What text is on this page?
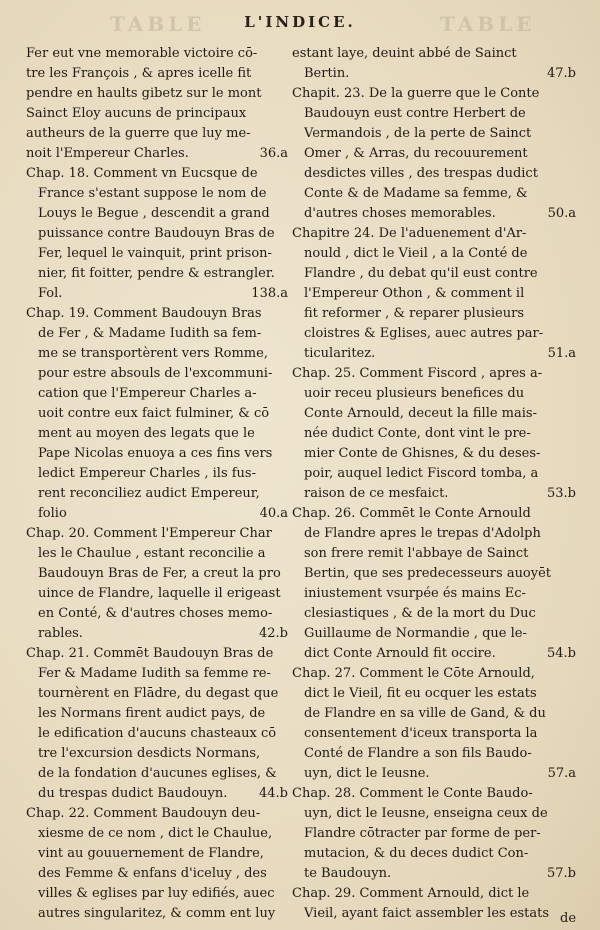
TABLE	TABLE
L'INDICE.
Fer eut vne memorable victoire cō-
tre les François , & apres icelle fit
pendre en haults gibetz sur le mont
Sainct Eloy aucuns de principaux
autheurs de la guerre que luy me-
noit l'Empereur Charles.	36.a
Chap. 18. Comment vn Eucsque de
France s'estant suppose le nom de
Louys le Begue , descendit a grand
puissance contre Baudouyn Bras de
Fer, lequel le vainquit, print prison-
nier, fit foitter, pendre & estrangler.
Fol.	138.a
Chap. 19. Comment Baudouyn Bras
de Fer , & Madame Iudith sa fem-
me se transportèrent vers Romme,
pour estre absouls de l'excommuni-
cation que l'Empereur Charles a-
uoit contre eux faict fulminer, & cō
ment au moyen des legats que le
Pape Nicolas enuoya a ces fins vers
ledict Empereur Charles , ils fus-
rent reconciliez audict Empereur,
folio	40.a
Chap. 20. Comment l'Empereur Char
les le Chaulue , estant reconcilie a
Baudouyn Bras de Fer, a creut la pro
uince de Flandre, laquelle il erigeast
en Conté, & d'autres choses memo-
rables.	42.b
Chap. 21. Commēt Baudouyn Bras de
Fer & Madame Iudith sa femme re-
tournèrent en Flādre, du degast que
les Normans firent audict pays, de
le edification d'aucuns chasteaux cō
tre l'excursion desdicts Normans,
de la fondation d'aucunes eglises, &
du trespas dudict Baudouyn. 44.b
Chap. 22. Comment Baudouyn deu-
xiesme de ce nom , dict le Chaulue,
vint au gouuernement de Flandre,
des Femme & enfans d'iceluy , des
villes & eglises par luy edifiés, auec
autres singularitez, & comm ent luy
estant laye, deuint abbé de Sainct
Bertin.	47.b
Chapit. 23. De la guerre que le Conte
Baudouyn eust contre Herbert de
Vermandois , de la perte de Sainct
Omer , & Arras, du recouurement
desdictes villes , des trespas dudict
Conte & de Madame sa femme, &
d'autres choses memorables.	50.a
Chapitre 24. De l'aduenement d'Ar-
nould , dict le Vieil , a la Conté de
Flandre , du debat qu'il eust contre
l'Empereur Othon , & comment il
fit reformer , & reparer plusieurs
cloistres & Eglises, auec autres par-
ticularitez.	51.a
Chap. 25. Comment Fiscord , apres a-
uoir receu plusieurs benefices du
Conte Arnould, deceut la fille mais-
née dudict Conte, dont vint le pre-
mier Conte de Ghisnes, & du deses-
poir, auquel ledict Fiscord tomba, a
raison de ce mesfaict.	53.b
Chap. 26. Commēt le Conte Arnould
de Flandre apres le trepas d'Adolph
son frere remit l'abbaye de Sainct
Bertin, que ses predecesseurs auoyēt
iniustement vsurpée és mains Ec-
clesiastiques , & de la mort du Duc
Guillaume de Normandie , que le-
dict Conte Arnould fit occire.	54.b
Chap. 27. Comment le Cōte Arnould,
dict le Vieil, fit eu ocquer les estats
de Flandre en sa ville de Gand, & du
consentement d'iceux transporta la
Conté de Flandre a son fils Baudo-
uyn, dict le Ieusne.	57.a
Chap. 28. Comment le Conte Baudo-
uyn, dict le Ieusne, enseigna ceux de
Flandre cōtracter par forme de per-
mutacion, & du deces dudict Con-
te Baudouyn.	57.b
Chap. 29. Comment Arnould, dict le
Vieil, ayant faict assembler les estats de
